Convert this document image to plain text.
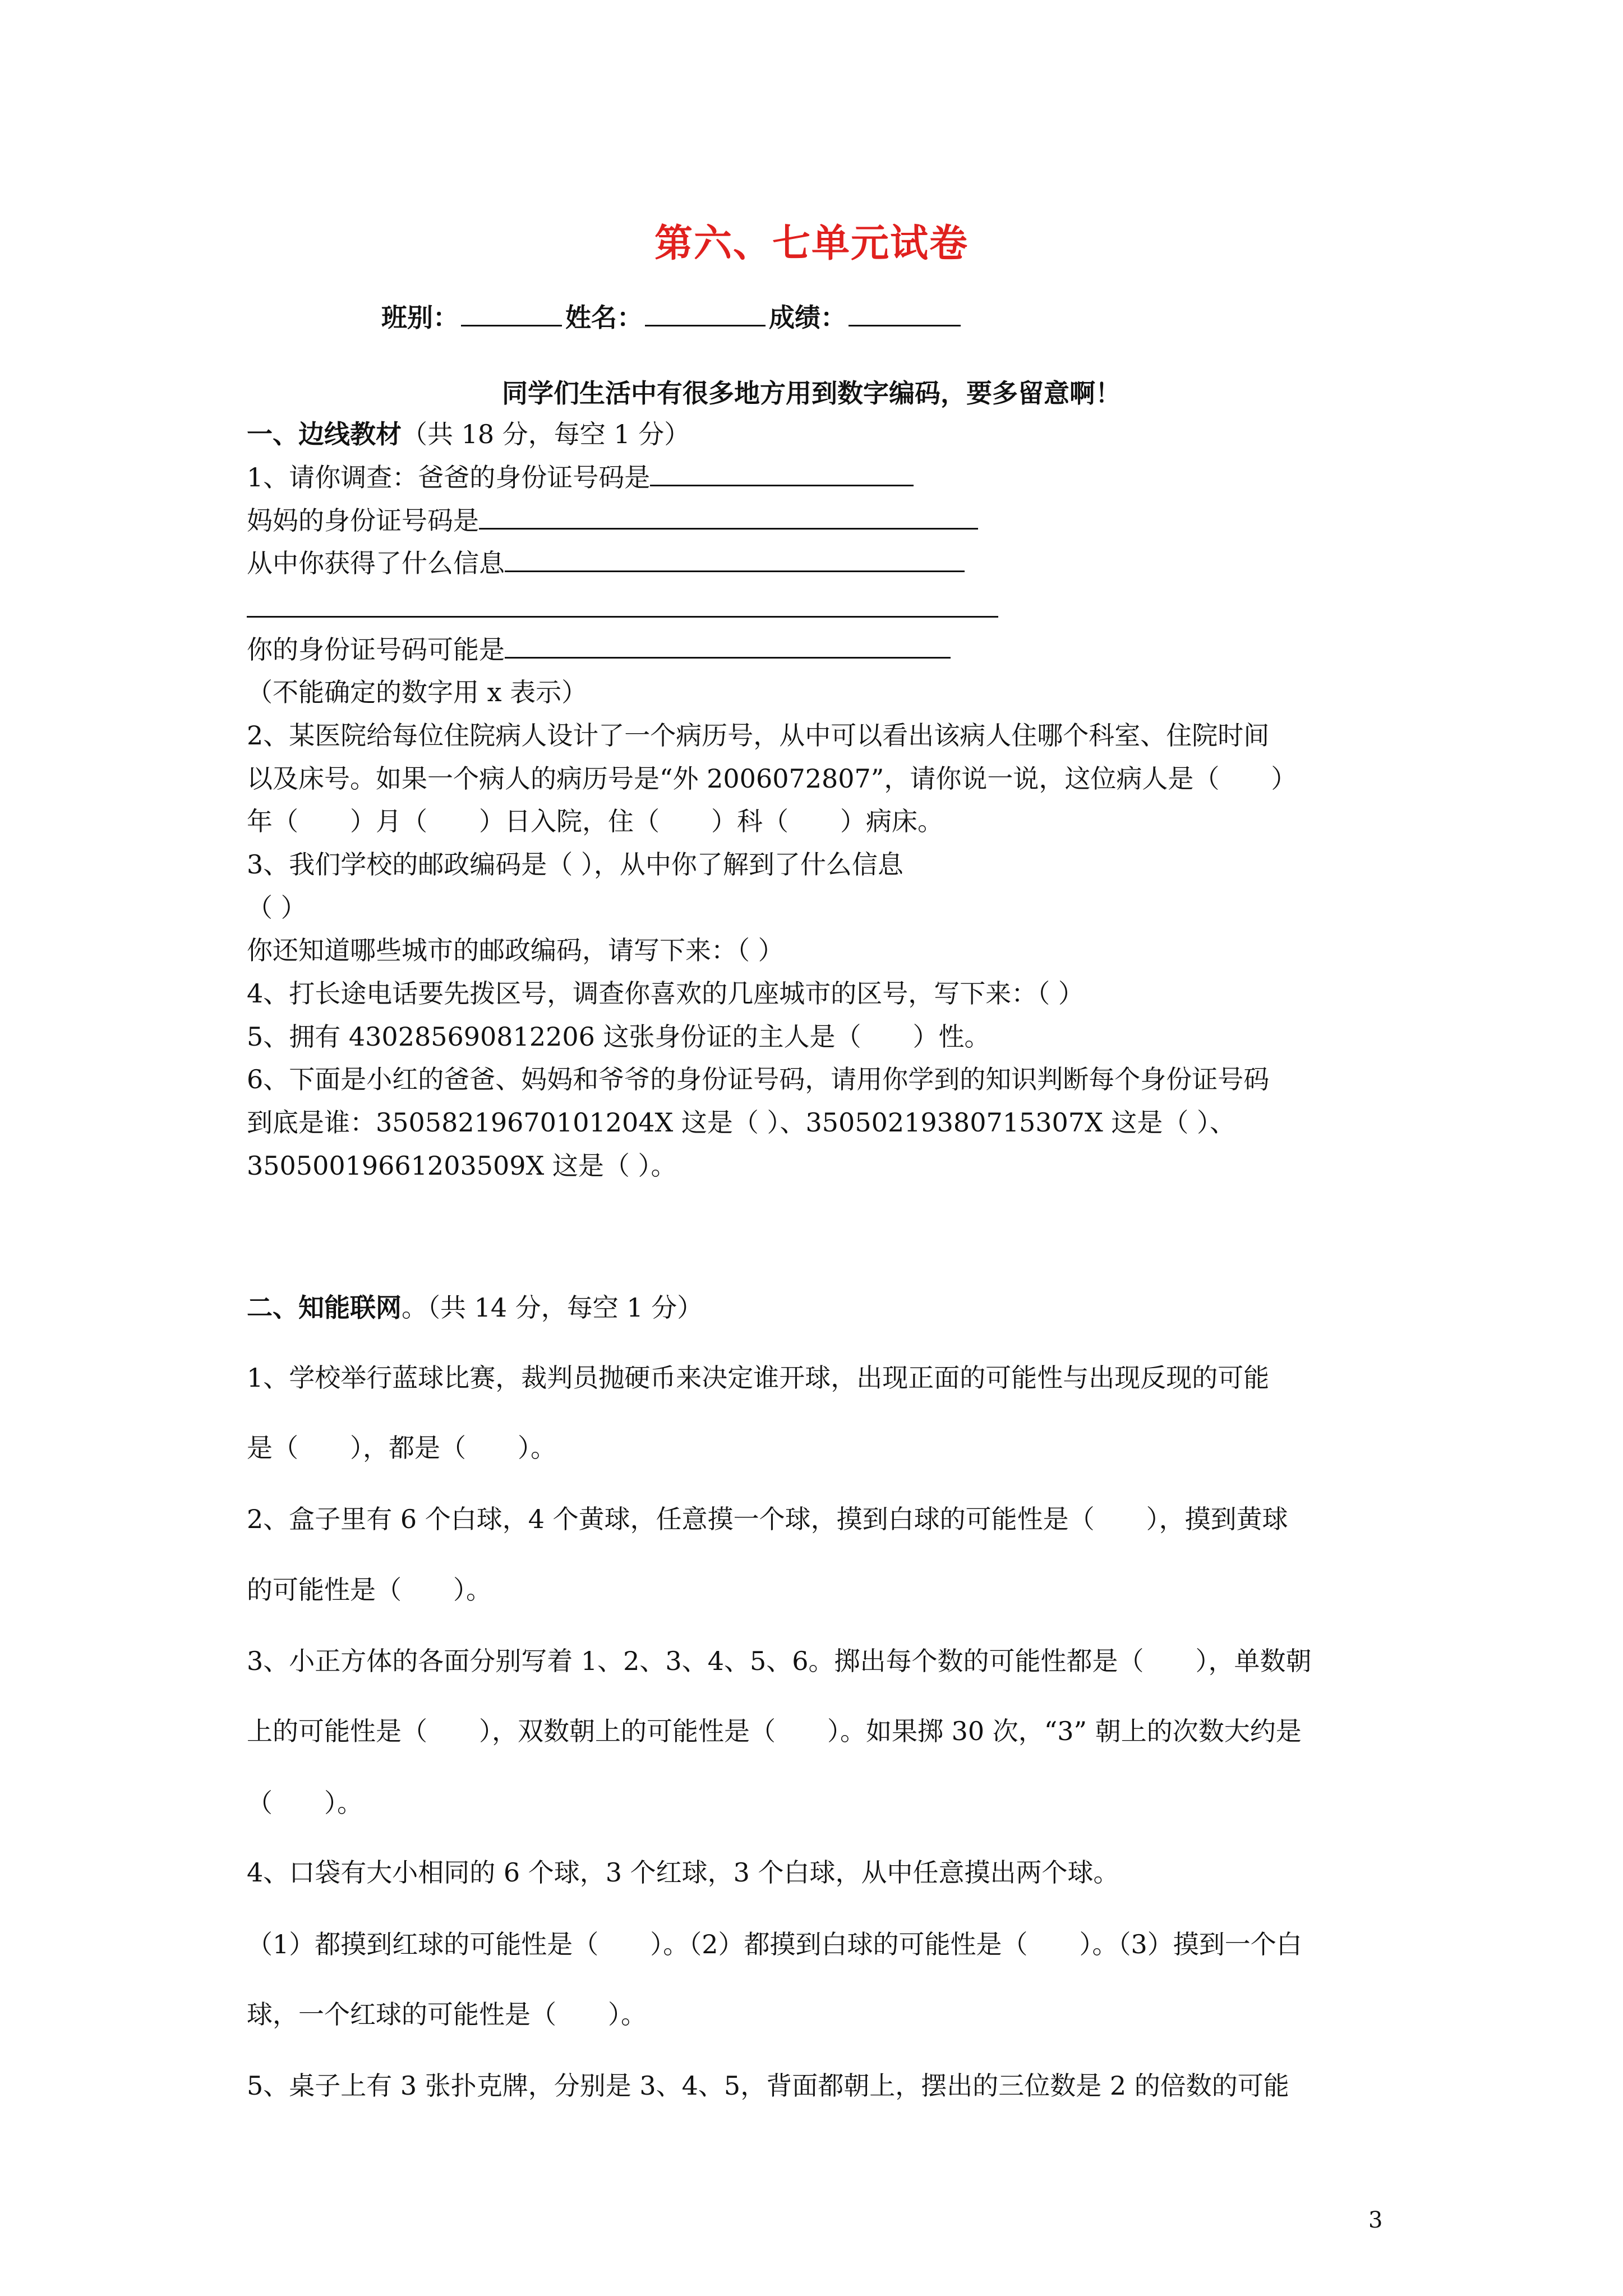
第六、七单元试卷
班别：	姓名：	成绩：
同学们生活中有很多地方用到数字编码，要多留意啊！
一、边线教材（共 18 分，每空 1 分）
1、请你调查：爸爸的身份证号码是
妈妈的身份证号码是
从中你获得了什么信息
你的身份证号码可能是
（不能确定的数字用 x 表示）
2、某医院给每位住院病人设计了一个病历号，从中可以看出该病人住哪个科室、住院时间
以及床号。如果一个病人的病历号是“外 2006072807”，请你说一说，这位病人是（　　）
年（　　）月（　　）日入院，住（　　）科（　　）病床。
3、我们学校的邮政编码是（ ），从中你了解到了什么信息
（ ）
你还知道哪些城市的邮政编码，请写下来：（ ）
4、打长途电话要先拨区号，调查你喜欢的几座城市的区号，写下来：（ ）
5、拥有 430285690812206 这张身份证的主人是（　　）性。
6、下面是小红的爸爸、妈妈和爷爷的身份证号码，请用你学到的知识判断每个身份证号码
到底是谁：3505821967010120​4X 这是（ ）、35050219380715307X 这是（ ）、
35050019661203509X 这是（ ）。
二、知能联网。（共 14 分，每空 1 分）
1、学校举行蓝球比赛，裁判员抛硬币来决定谁开球，出现正面的可能性与出现反现的可能
是（　　），都是（　　）。
2、盒子里有 6 个白球，4 个黄球，任意摸一个球，摸到白球的可能性是（　　），摸到黄球
的可能性是（　　）。
3、小正方体的各面分别写着 1、2、3、4、5、6。掷出每个数的可能性都是（　　），单数朝
上的可能性是（　　），双数朝上的可能性是（　　）。如果掷 30 次，“3” 朝上的次数大约是
（　　）。
4、口袋有大小相同的 6 个球，3 个红球，3 个白球，从中任意摸出两个球。
（1）都摸到红球的可能性是（　　）。（2）都摸到白球的可能性是（　　）。（3）摸到一个白
球，一个红球的可能性是（　　）。
5、桌子上有 3 张扑克牌，分别是 3、4、5，背面都朝上，摆出的三位数是 2 的倍数的可能
3
